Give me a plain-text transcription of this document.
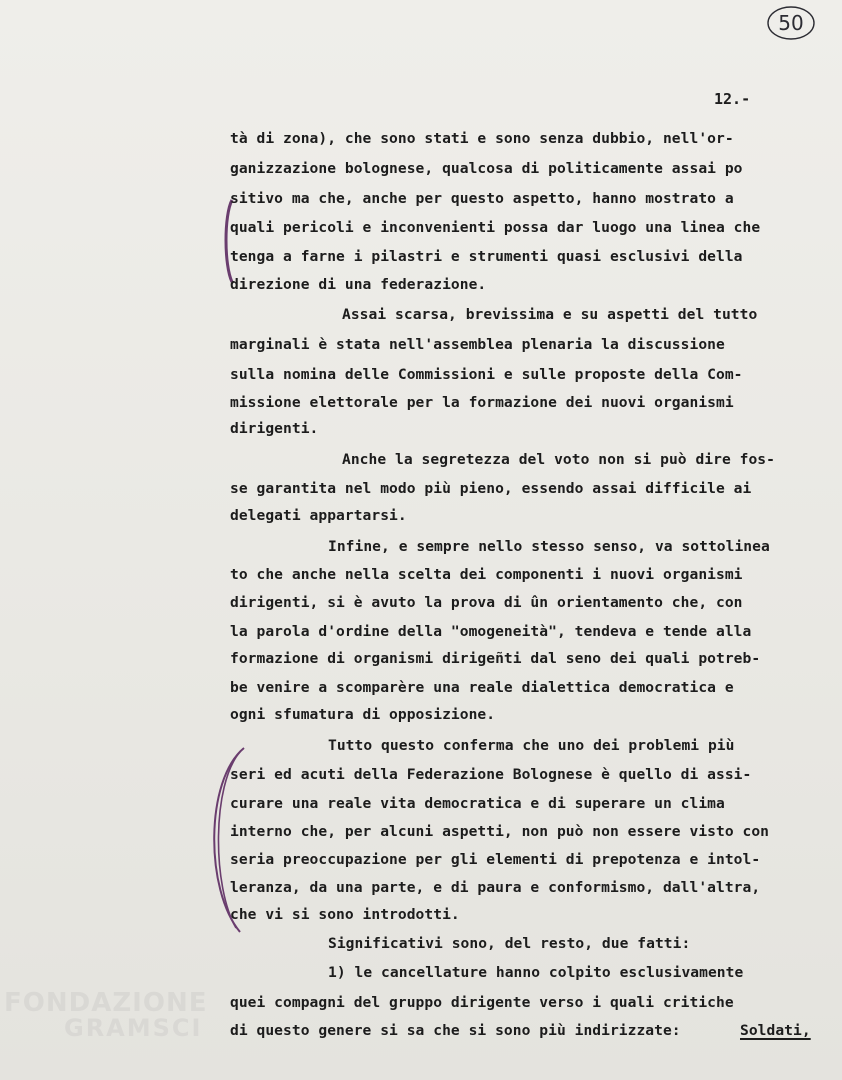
FONDAZIONE
GRAMSCI
50
12.-
tà di zona), che sono stati e sono senza dubbio, nell'or-
ganizzazione bolognese, qualcosa di politicamente assai po
sitivo ma che, anche per questo aspetto, hanno mostrato a
quali pericoli e inconvenienti possa dar luogo una linea che
tenga a farne i pilastri e strumenti quasi esclusivi della
direzione di una federazione.
Assai scarsa, brevissima e su aspetti del tutto
marginali è stata nell'assemblea plenaria la discussione
sulla nomina delle Commissioni e sulle proposte della Com-
missione elettorale per la formazione dei nuovi organismi
dirigenti.
Anche la segretezza del voto non si può dire fos-
se garantita nel modo più pieno, essendo assai difficile ai
delegati appartarsi.
Infine, e sempre nello stesso senso, va sottolinea
to che anche nella scelta dei componenti i nuovi organismi
dirigenti, si è avuto la prova di ûn orientamento che, con
la parola d'ordine della "omogeneità", tendeva e tende alla
formazione di organismi dirigeñti dal seno dei quali potreb-
be venire a scomparère una reale dialettica democratica e
ogni sfumatura di opposizione.
Tutto questo conferma che uno dei problemi più
seri ed acuti della Federazione Bolognese è quello di assi-
curare una reale vita democratica e di superare un clima
interno che, per alcuni aspetti, non può non essere visto con
seria preoccupazione per gli elementi di prepotenza e intol-
leranza, da una parte, e di paura e conformismo, dall'altra,
che vi si sono introdotti.
Significativi sono, del resto, due fatti:
1) le cancellature hanno colpito esclusivamente
quei compagni del gruppo dirigente verso i quali critiche
di questo genere si sa che si sono più indirizzate:	Soldati,
